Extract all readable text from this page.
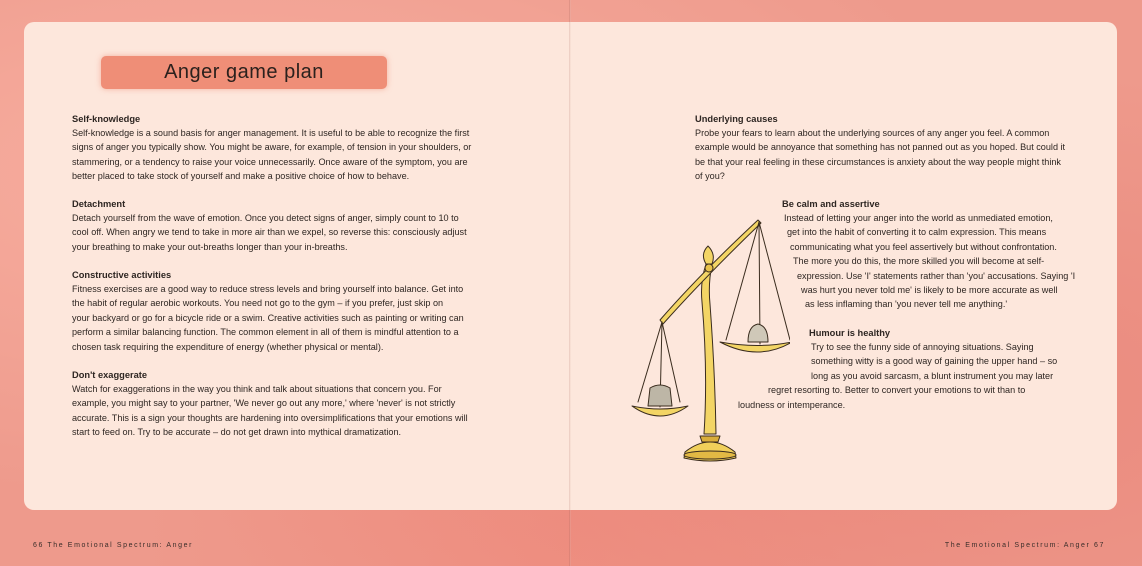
Anger game plan
Self-knowledge

Self-knowledge is a sound basis for anger management. It is useful to be able to recognize the first
signs of anger you typically show. You might be aware, for example, of tension in your shoulders, or
stammering, or a tendency to raise your voice unnecessarily. Once aware of the symptom, you are
better placed to take stock of yourself and make a positive choice of how to behave.

Detachment

Detach yourself from the wave of emotion. Once you detect signs of anger, simply count to 10 to
cool off. When angry we tend to take in more air than we expel, so reverse this: consciously adjust
your breathing to make your out-breaths longer than your in-breaths.

Constructive activities

Fitness exercises are a good way to reduce stress levels and bring yourself into balance. Get into
the habit of regular aerobic workouts. You need not go to the gym – if you prefer, just skip on
your backyard or go for a bicycle ride or a swim. Creative activities such as painting or writing can
perform a similar balancing function. The common element in all of them is mindful attention to a
chosen task requiring the expenditure of energy (whether physical or mental).

Don't exaggerate

Watch for exaggerations in the way you think and talk about situations that concern you. For
example, you might say to your partner, 'We never go out any more,' where 'never' is not strictly
accurate. This is a sign your thoughts are hardening into oversimplifications that your emotions will
start to feed on. Try to be accurate – do not get drawn into mythical dramatization.

Underlying causes

Probe your fears to learn about the underlying sources of any anger you feel. A common
example would be annoyance that something has not panned out as you hoped. But could it
be that your real feeling in these circumstances is anxiety about the way people might think
of you?

Be calm and assertive

Instead of letting your anger into the world as unmediated emotion,
get into the habit of converting it to calm expression. This means
communicating what you feel assertively but without confrontation.
The more you do this, the more skilled you will become at self-
expression. Use 'I' statements rather than 'you' accusations. Saying 'I
was hurt you never told me' is likely to be more accurate as well
as less inflaming than 'you never tell me anything.'

Humour is healthy

Try to see the funny side of annoying situations. Saying
something witty is a good way of gaining the upper hand – so
long as you avoid sarcasm, a blunt instrument you may later
regret resorting to. Better to convert your emotions to wit than to
loudness or intemperance.

66 The Emotional Spectrum: Anger	The Emotional Spectrum: Anger 67
